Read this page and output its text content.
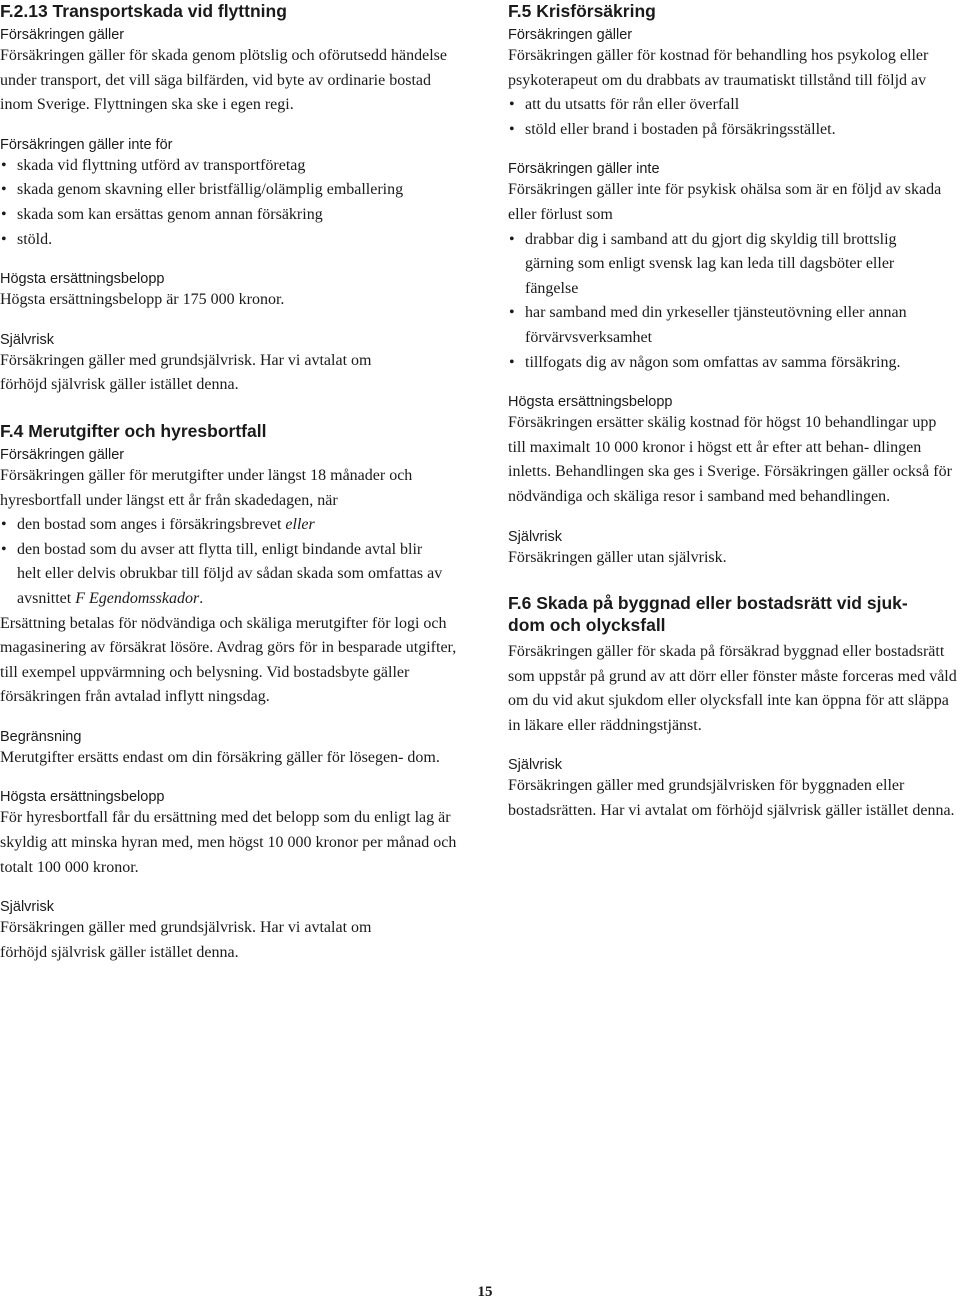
F.2.13 Transportskada vid flyttning
Försäkringen gäller

Försäkringen gäller för skada genom plötslig och oförutsedd händelse under transport, det vill säga bilfärden, vid byte av ordinarie bostad inom Sverige. Flyttningen ska ske i egen regi.

Försäkringen gäller inte för
• skada vid flyttning utförd av transportföretag
• skada genom skavning eller bristfällig/olämplig emballering
• skada som kan ersättas genom annan försäkring
• stöld.
Högsta ersättningsbelopp

Högsta ersättningsbelopp är 175 000 kronor.

Självrisk

Försäkringen gäller med grundsjälvrisk. Har vi avtalat om förhöjd självrisk gäller istället denna.

F.4 Merutgifter och hyresbortfall
Försäkringen gäller

Försäkringen gäller för merutgifter under längst 18 månader och hyresbortfall under längst ett år från skadedagen, när

• den bostad som anges i försäkringsbrevet eller
• den bostad som du avser att flytta till, enligt bindande avtal blir helt eller delvis obrukbar till följd av sådan skada som omfattas av avsnittet F Egendomsskador.

Ersättning betalas för nödvändiga och skäliga merutgifter för logi och magasinering av försäkrat lösöre. Avdrag görs för in besparade utgifter, till exempel uppvärmning och belysning. Vid bostadsbyte gäller försäkringen från avtalad inflytt ningsdag.

Begränsning

Merutgifter ersätts endast om din försäkring gäller för lösegen- dom.

Högsta ersättningsbelopp

För hyresbortfall får du ersättning med det belopp som du enligt lag är skyldig att minska hyran med, men högst 10 000 kronor per månad och totalt 100 000 kronor.

Självrisk

Försäkringen gäller med grundsjälvrisk. Har vi avtalat om förhöjd självrisk gäller istället denna.

F.5 Krisförsäkring
Försäkringen gäller

Försäkringen gäller för kostnad för behandling hos psykolog eller psykoterapeut om du drabbats av traumatiskt tillstånd till följd av

• att du utsatts för rån eller överfall
• stöld eller brand i bostaden på försäkringsstället.
Försäkringen gäller inte

Försäkringen gäller inte för psykisk ohälsa som är en följd av skada eller förlust som

• drabbar dig i samband att du gjort dig skyldig till brottslig gärning som enligt svensk lag kan leda till dagsböter eller fängelse
• har samband med din yrkeseller tjänsteutövning eller annan förvärvsverksamhet
• tillfogats dig av någon som omfattas av samma försäkring.
Högsta ersättningsbelopp

Försäkringen ersätter skälig kostnad för högst 10 behandlingar upp till maximalt 10 000 kronor i högst ett år efter att behan- dlingen inletts. Behandlingen ska ges i Sverige. Försäkringen gäller också för nödvändiga och skäliga resor i samband med behandlingen.

Självrisk

Försäkringen gäller utan självrisk.

F.6 Skada på byggnad eller bostadsrätt vid sjuk- dom och olycksfall

Försäkringen gäller för skada på försäkrad byggnad eller bostadsrätt som uppstår på grund av att dörr eller fönster måste forceras med våld om du vid akut sjukdom eller olycksfall inte kan öppna för att släppa in läkare eller räddningstjänst.

Självrisk

Försäkringen gäller med grundsjälvrisken för byggnaden eller bostadsrätten. Har vi avtalat om förhöjd självrisk gäller istället denna.

15
